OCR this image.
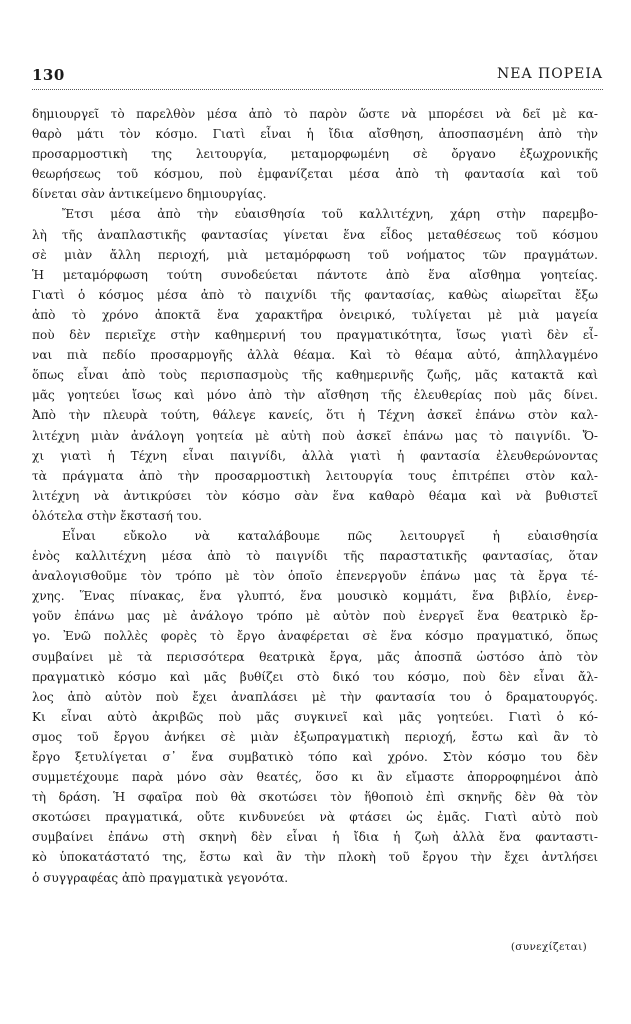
130	ΝΕΑ ΠΟΡΕΙΑ
δημιουργεῖ τὸ παρελθὸν μέσα ἀπὸ τὸ παρὸν ὥστε νὰ μπορέσει νὰ δεῖ μὲ κα-
θαρὸ μάτι τὸν κόσμο. Γιατὶ εἶναι ἡ ἴδια αἴσθηση, ἀποσπασμένη ἀπὸ τὴν
προσαρμοστικὴ της λειτουργία, μεταμορφωμένη σὲ ὄργανο ἐξωχρονικῆς
θεωρήσεως τοῦ κόσμου, ποὺ ἐμφανίζεται μέσα ἀπὸ τὴ φαντασία καὶ τοῦ
δίνεται σὰν ἀντικείμενο δημιουργίας.
Ἔτσι μέσα ἀπὸ τὴν εὐαισθησία τοῦ καλλιτέχνη, χάρη στὴν παρεμβο-
λὴ τῆς ἀναπλαστικῆς φαντασίας γίνεται ἕνα εἶδος μεταθέσεως τοῦ κόσμου
σὲ μιὰν ἄλλη περιοχή, μιὰ μεταμόρφωση τοῦ νοήματος τῶν πραγμάτων.
Ἡ μεταμόρφωση τούτη συνοδεύεται πάντοτε ἀπὸ ἕνα αἴσθημα γοητείας.
Γιατὶ ὁ κόσμος μέσα ἀπὸ τὸ παιχνίδι τῆς φαντασίας, καθὼς αἰωρεῖται ἔξω
ἀπὸ τὸ χρόνο ἀποκτᾶ ἕνα χαρακτῆρα ὀνειρικό, τυλίγεται μὲ μιὰ μαγεία
ποὺ δὲν περιεῖχε στὴν καθημερινή του πραγματικότητα, ἴσως γιατὶ δὲν εἶ-
ναι πιὰ πεδίο προσαρμογῆς ἀλλὰ θέαμα. Καὶ τὸ θέαμα αὐτό, ἀπηλλαγμένο
ὅπως εἶναι ἀπὸ τοὺς περισπασμοὺς τῆς καθημερινῆς ζωῆς, μᾶς κατακτᾶ καὶ
μᾶς γοητεύει ἴσως καὶ μόνο ἀπὸ τὴν αἴσθηση τῆς ἐλευθερίας ποὺ μᾶς δίνει.
Ἀπὸ τὴν πλευρὰ τούτη, θάλεγε κανείς, ὅτι ἡ Τέχνη ἀσκεῖ ἐπάνω στὸν καλ-
λιτέχνη μιὰν ἀνάλογη γοητεία μὲ αὐτὴ ποὺ ἀσκεῖ ἐπάνω μας τὸ παιγνίδι. Ὄ-
χι γιατὶ ἡ Τέχνη εἶναι παιγνίδι, ἀλλὰ γιατὶ ἡ φαντασία ἐλευθερώνοντας
τὰ πράγματα ἀπὸ τὴν προσαρμοστικὴ λειτουργία τους ἐπιτρέπει στὸν καλ-
λιτέχνη νὰ ἀντικρύσει τὸν κόσμο σὰν ἕνα καθαρὸ θέαμα καὶ νὰ βυθιστεῖ
ὁλότελα στὴν ἔκστασή του.
Εἶναι εὔκολο νὰ καταλάβουμε πῶς λειτουργεῖ ἡ εὐαισθησία
ἑνὸς καλλιτέχνη μέσα ἀπὸ τὸ παιγνίδι τῆς παραστατικῆς φαντασίας, ὅταν
ἀναλογισθοῦμε τὸν τρόπο μὲ τὸν ὁποῖο ἐπενεργοῦν ἐπάνω μας τὰ ἔργα τέ-
χνης. Ἕνας πίνακας, ἕνα γλυπτό, ἕνα μουσικὸ κομμάτι, ἕνα βιβλίο, ἐνερ-
γοῦν ἐπάνω μας μὲ ἀνάλογο τρόπο μὲ αὐτὸν ποὺ ἐνεργεῖ ἕνα θεατρικὸ ἔρ-
γο. Ἐνῶ πολλὲς φορὲς τὸ ἔργο ἀναφέρεται σὲ ἕνα κόσμο πραγματικό, ὅπως
συμβαίνει μὲ τὰ περισσότερα θεατρικὰ ἔργα, μᾶς ἀποσπᾶ ὡστόσο ἀπὸ τὸν
πραγματικὸ κόσμο καὶ μᾶς βυθίζει στὸ δικό του κόσμο, ποὺ δὲν εἶναι ἄλ-
λος ἀπὸ αὐτὸν ποὺ ἔχει ἀναπλάσει μὲ τὴν φαντασία του ὁ δραματουργός.
Κι εἶναι αὐτὸ ἀκριβῶς ποὺ μᾶς συγκινεῖ καὶ μᾶς γοητεύει. Γιατὶ ὁ κό-
σμος τοῦ ἔργου ἀνήκει σὲ μιὰν ἐξωπραγματικὴ περιοχή, ἔστω καὶ ἂν τὸ
ἔργο ξετυλίγεται σ᾽ ἕνα συμβατικὸ τόπο καὶ χρόνο. Στὸν κόσμο του δὲν
συμμετέχουμε παρὰ μόνο σὰν θεατές, ὅσο κι ἂν εἴμαστε ἀπορροφημένοι ἀπὸ
τὴ δράση. Ἡ σφαῖρα ποὺ θὰ σκοτώσει τὸν ἥθοποιὸ ἐπὶ σκηνῆς δὲν θὰ τὸν
σκοτώσει πραγματικά, οὔτε κινδυνεύει νὰ φτάσει ὡς ἐμᾶς. Γιατὶ αὐτὸ ποὺ
συμβαίνει ἐπάνω στὴ σκηνὴ δὲν εἶναι ἡ ἴδια ἡ ζωὴ ἀλλὰ ἕνα φανταστι-
κὸ ὑποκατάστατό της, ἔστω καὶ ἂν τὴν πλοκὴ τοῦ ἔργου τὴν ἔχει ἀντλήσει
ὁ συγγραφέας ἀπὸ πραγματικὰ γεγονότα.
(συνεχίζεται)
